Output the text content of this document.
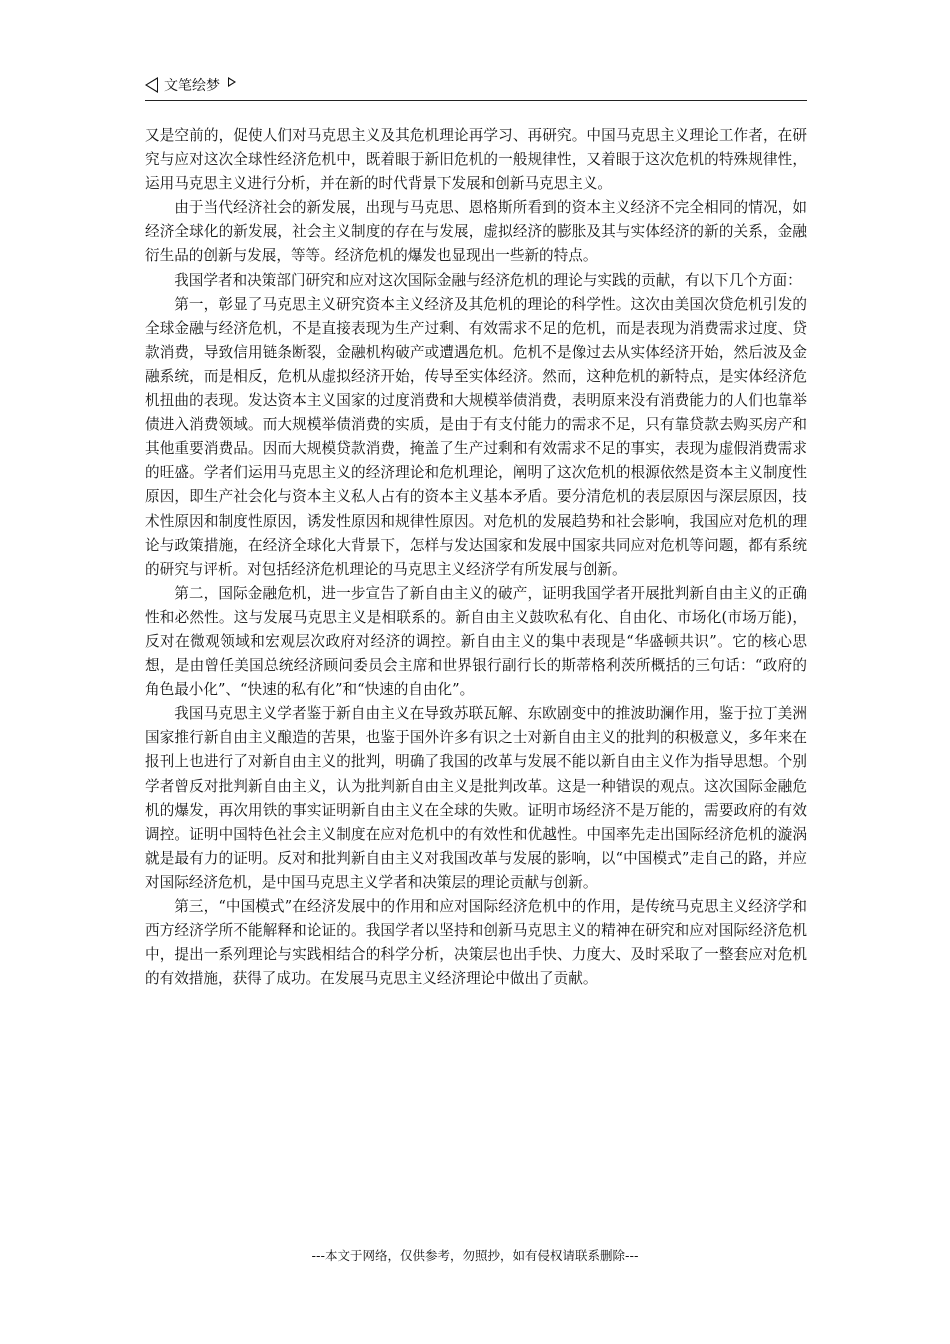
文笔绘梦

又是空前的，促使人们对马克思主义及其危机理论再学习、再研究。中国马克思主义理论工作者，在研究与应对这次全球性经济危机中，既着眼于新旧危机的一般规律性，又着眼于这次危机的特殊规律性，运用马克思主义进行分析，并在新的时代背景下发展和创新马克思主义。

由于当代经济社会的新发展，出现与马克思、恩格斯所看到的资本主义经济不完全相同的情况，如经济全球化的新发展，社会主义制度的存在与发展，虚拟经济的膨胀及其与实体经济的新的关系，金融衍生品的创新与发展，等等。经济危机的爆发也显现出一些新的特点。

我国学者和决策部门研究和应对这次国际金融与经济危机的理论与实践的贡献，有以下几个方面：

第一，彰显了马克思主义研究资本主义经济及其危机的理论的科学性。这次由美国次贷危机引发的全球金融与经济危机，不是直接表现为生产过剩、有效需求不足的危机，而是表现为消费需求过度、贷款消费，导致信用链条断裂，金融机构破产或遭遇危机。危机不是像过去从实体经济开始，然后波及金融系统，而是相反，危机从虚拟经济开始，传导至实体经济。然而，这种危机的新特点，是实体经济危机扭曲的表现。发达资本主义国家的过度消费和大规模举债消费，表明原来没有消费能力的人们也靠举债进入消费领域。而大规模举债消费的实质，是由于有支付能力的需求不足，只有靠贷款去购买房产和其他重要消费品。因而大规模贷款消费，掩盖了生产过剩和有效需求不足的事实，表现为虚假消费需求的旺盛。学者们运用马克思主义的经济理论和危机理论，阐明了这次危机的根源依然是资本主义制度性原因，即生产社会化与资本主义私人占有的资本主义基本矛盾。要分清危机的表层原因与深层原因，技术性原因和制度性原因，诱发性原因和规律性原因。对危机的发展趋势和社会影响，我国应对危机的理论与政策措施，在经济全球化大背景下，怎样与发达国家和发展中国家共同应对危机等问题，都有系统的研究与评析。对包括经济危机理论的马克思主义经济学有所发展与创新。

第二，国际金融危机，进一步宣告了新自由主义的破产，证明我国学者开展批判新自由主义的正确性和必然性。这与发展马克思主义是相联系的。新自由主义鼓吹私有化、自由化、市场化(市场万能)，反对在微观领域和宏观层次政府对经济的调控。新自由主义的集中表现是“华盛顿共识”。它的核心思想，是由曾任美国总统经济顾问委员会主席和世界银行副行长的斯蒂格利茨所概括的三句话：“政府的角色最小化”、“快速的私有化”和“快速的自由化”。

我国马克思主义学者鉴于新自由主义在导致苏联瓦解、东欧剧变中的推波助澜作用，鉴于拉丁美洲国家推行新自由主义酿造的苦果，也鉴于国外许多有识之士对新自由主义的批判的积极意义，多年来在报刊上也进行了对新自由主义的批判，明确了我国的改革与发展不能以新自由主义作为指导思想。个别学者曾反对批判新自由主义，认为批判新自由主义是批判改革。这是一种错误的观点。这次国际金融危机的爆发，再次用铁的事实证明新自由主义在全球的失败。证明市场经济不是万能的，需要政府的有效调控。证明中国特色社会主义制度在应对危机中的有效性和优越性。中国率先走出国际经济危机的漩涡就是最有力的证明。反对和批判新自由主义对我国改革与发展的影响，以“中国模式”走自己的路，并应对国际经济危机，是中国马克思主义学者和决策层的理论贡献与创新。

第三，“中国模式”在经济发展中的作用和应对国际经济危机中的作用，是传统马克思主义经济学和西方经济学所不能解释和论证的。我国学者以坚持和创新马克思主义的精神在研究和应对国际经济危机中，提出一系列理论与实践相结合的科学分析，决策层也出手快、力度大、及时采取了一整套应对危机的有效措施，获得了成功。在发展马克思主义经济理论中做出了贡献。

---本文于网络，仅供参考，勿照抄，如有侵权请联系删除---
